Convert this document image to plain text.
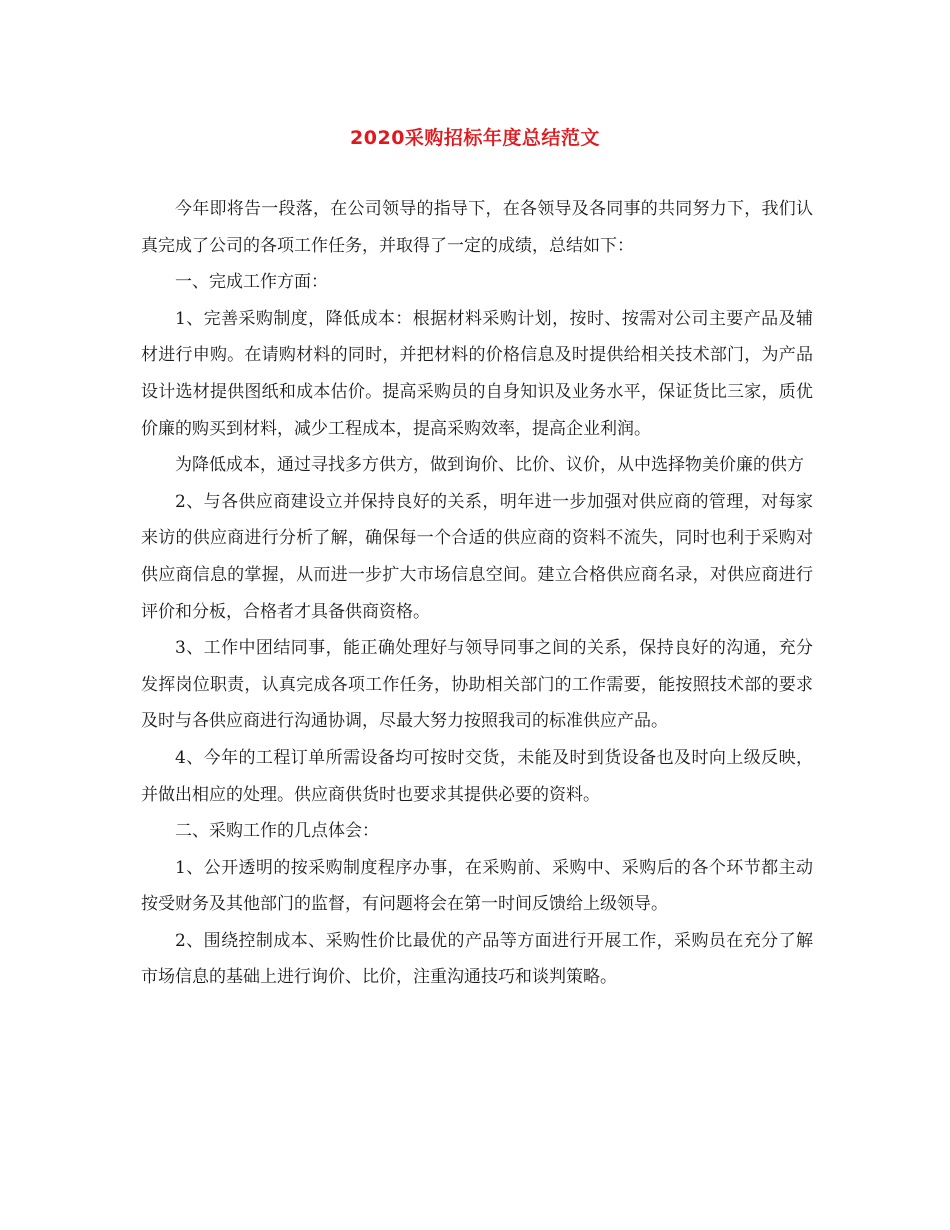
2020采购招标年度总结范文

今年即将告一段落，在公司领导的指导下，在各领导及各同事的共同努力下，我们认真完成了公司的各项工作任务，并取得了一定的成绩，总结如下：

一、完成工作方面：

1、完善采购制度，降低成本：根据材料采购计划，按时、按需对公司主要产品及辅材进行申购。在请购材料的同时，并把材料的价格信息及时提供给相关技术部门，为产品设计选材提供图纸和成本估价。提高采购员的自身知识及业务水平，保证货比三家，质优价廉的购买到材料，减少工程成本，提高采购效率，提高企业利润。

为降低成本，通过寻找多方供方，做到询价、比价、议价，从中选择物美价廉的供方

2、与各供应商建设立并保持良好的关系，明年进一步加强对供应商的管理，对每家来访的供应商进行分析了解，确保每一个合适的供应商的资料不流失，同时也利于采购对供应商信息的掌握，从而进一步扩大市场信息空间。建立合格供应商名录，对供应商进行评价和分板，合格者才具备供商资格。

3、工作中团结同事，能正确处理好与领导同事之间的关系，保持良好的沟通，充分发挥岗位职责，认真完成各项工作任务，协助相关部门的工作需要，能按照技术部的要求及时与各供应商进行沟通协调，尽最大努力按照我司的标准供应产品。

4、今年的工程订单所需设备均可按时交货，未能及时到货设备也及时向上级反映，并做出相应的处理。供应商供货时也要求其提供必要的资料。

二、采购工作的几点体会：

1、公开透明的按采购制度程序办事，在采购前、采购中、采购后的各个环节都主动按受财务及其他部门的监督，有问题将会在第一时间反馈给上级领导。

2、围绕控制成本、采购性价比最优的产品等方面进行开展工作，采购员在充分了解市场信息的基础上进行询价、比价，注重沟通技巧和谈判策略。
